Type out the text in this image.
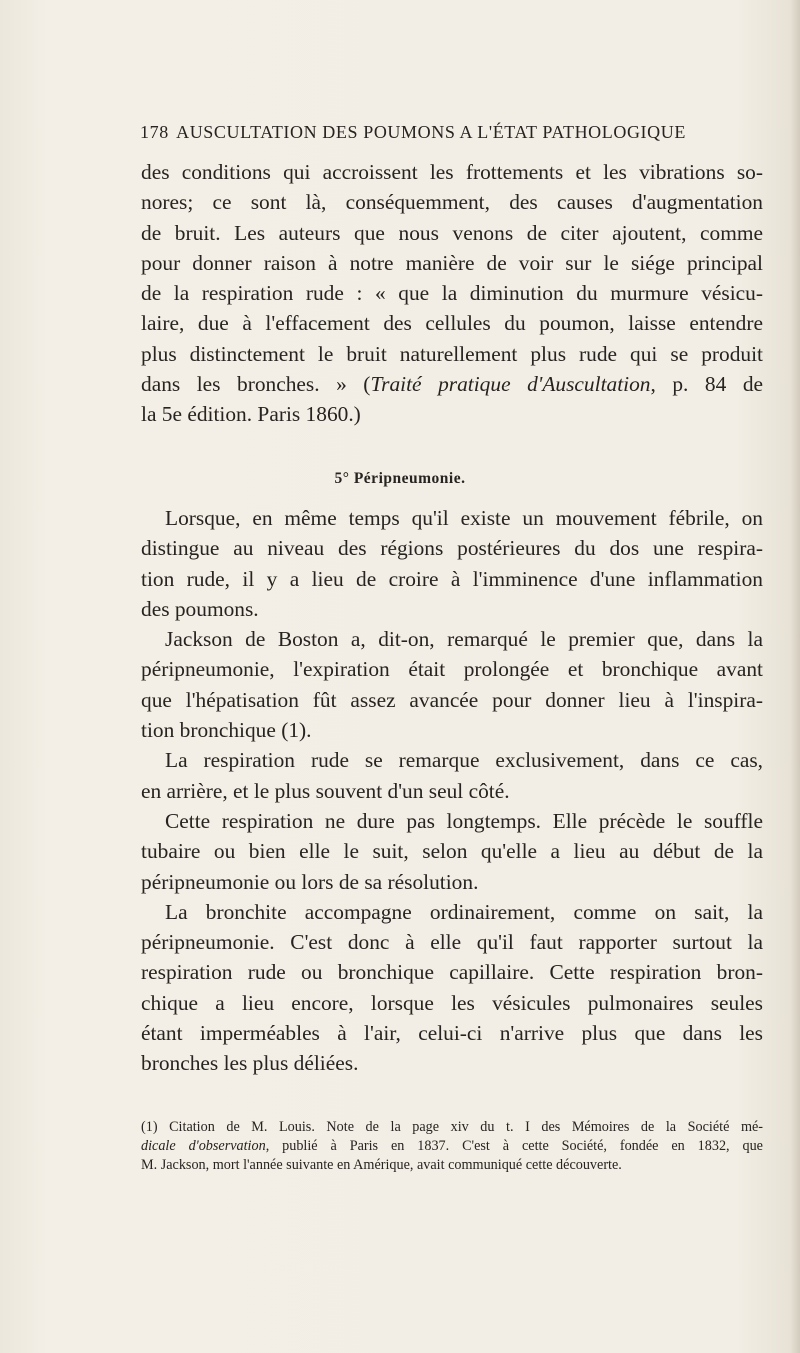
178 AUSCULTATION DES POUMONS A L'ÉTAT PATHOLOGIQUE
des conditions qui accroissent les frottements et les vibrations so-
nores; ce sont là, conséquemment, des causes d'augmentation
de bruit. Les auteurs que nous venons de citer ajoutent, comme
pour donner raison à notre manière de voir sur le siége principal
de la respiration rude : « que la diminution du murmure vésicu-
laire, due à l'effacement des cellules du poumon, laisse entendre
plus distinctement le bruit naturellement plus rude qui se produit
dans les bronches. » (Traité pratique d'Auscultation, p. 84 de
la 5e édition. Paris 1860.)
5° Péripneumonie.
Lorsque, en même temps qu'il existe un mouvement fébrile, on
distingue au niveau des régions postérieures du dos une respira-
tion rude, il y a lieu de croire à l'imminence d'une inflammation
des poumons.
Jackson de Boston a, dit-on, remarqué le premier que, dans la
péripneumonie, l'expiration était prolongée et bronchique avant
que l'hépatisation fût assez avancée pour donner lieu à l'inspira-
tion bronchique (1).
La respiration rude se remarque exclusivement, dans ce cas,
en arrière, et le plus souvent d'un seul côté.
Cette respiration ne dure pas longtemps. Elle précède le souffle
tubaire ou bien elle le suit, selon qu'elle a lieu au début de la
péripneumonie ou lors de sa résolution.
La bronchite accompagne ordinairement, comme on sait, la
péripneumonie. C'est donc à elle qu'il faut rapporter surtout la
respiration rude ou bronchique capillaire. Cette respiration bron-
chique a lieu encore, lorsque les vésicules pulmonaires seules
étant imperméables à l'air, celui-ci n'arrive plus que dans les
bronches les plus déliées.
(1) Citation de M. Louis. Note de la page xiv du t. I des Mémoires de la Société mé-
dicale d'observation, publié à Paris en 1837. C'est à cette Société, fondée en 1832, que
M. Jackson, mort l'année suivante en Amérique, avait communiqué cette découverte.
